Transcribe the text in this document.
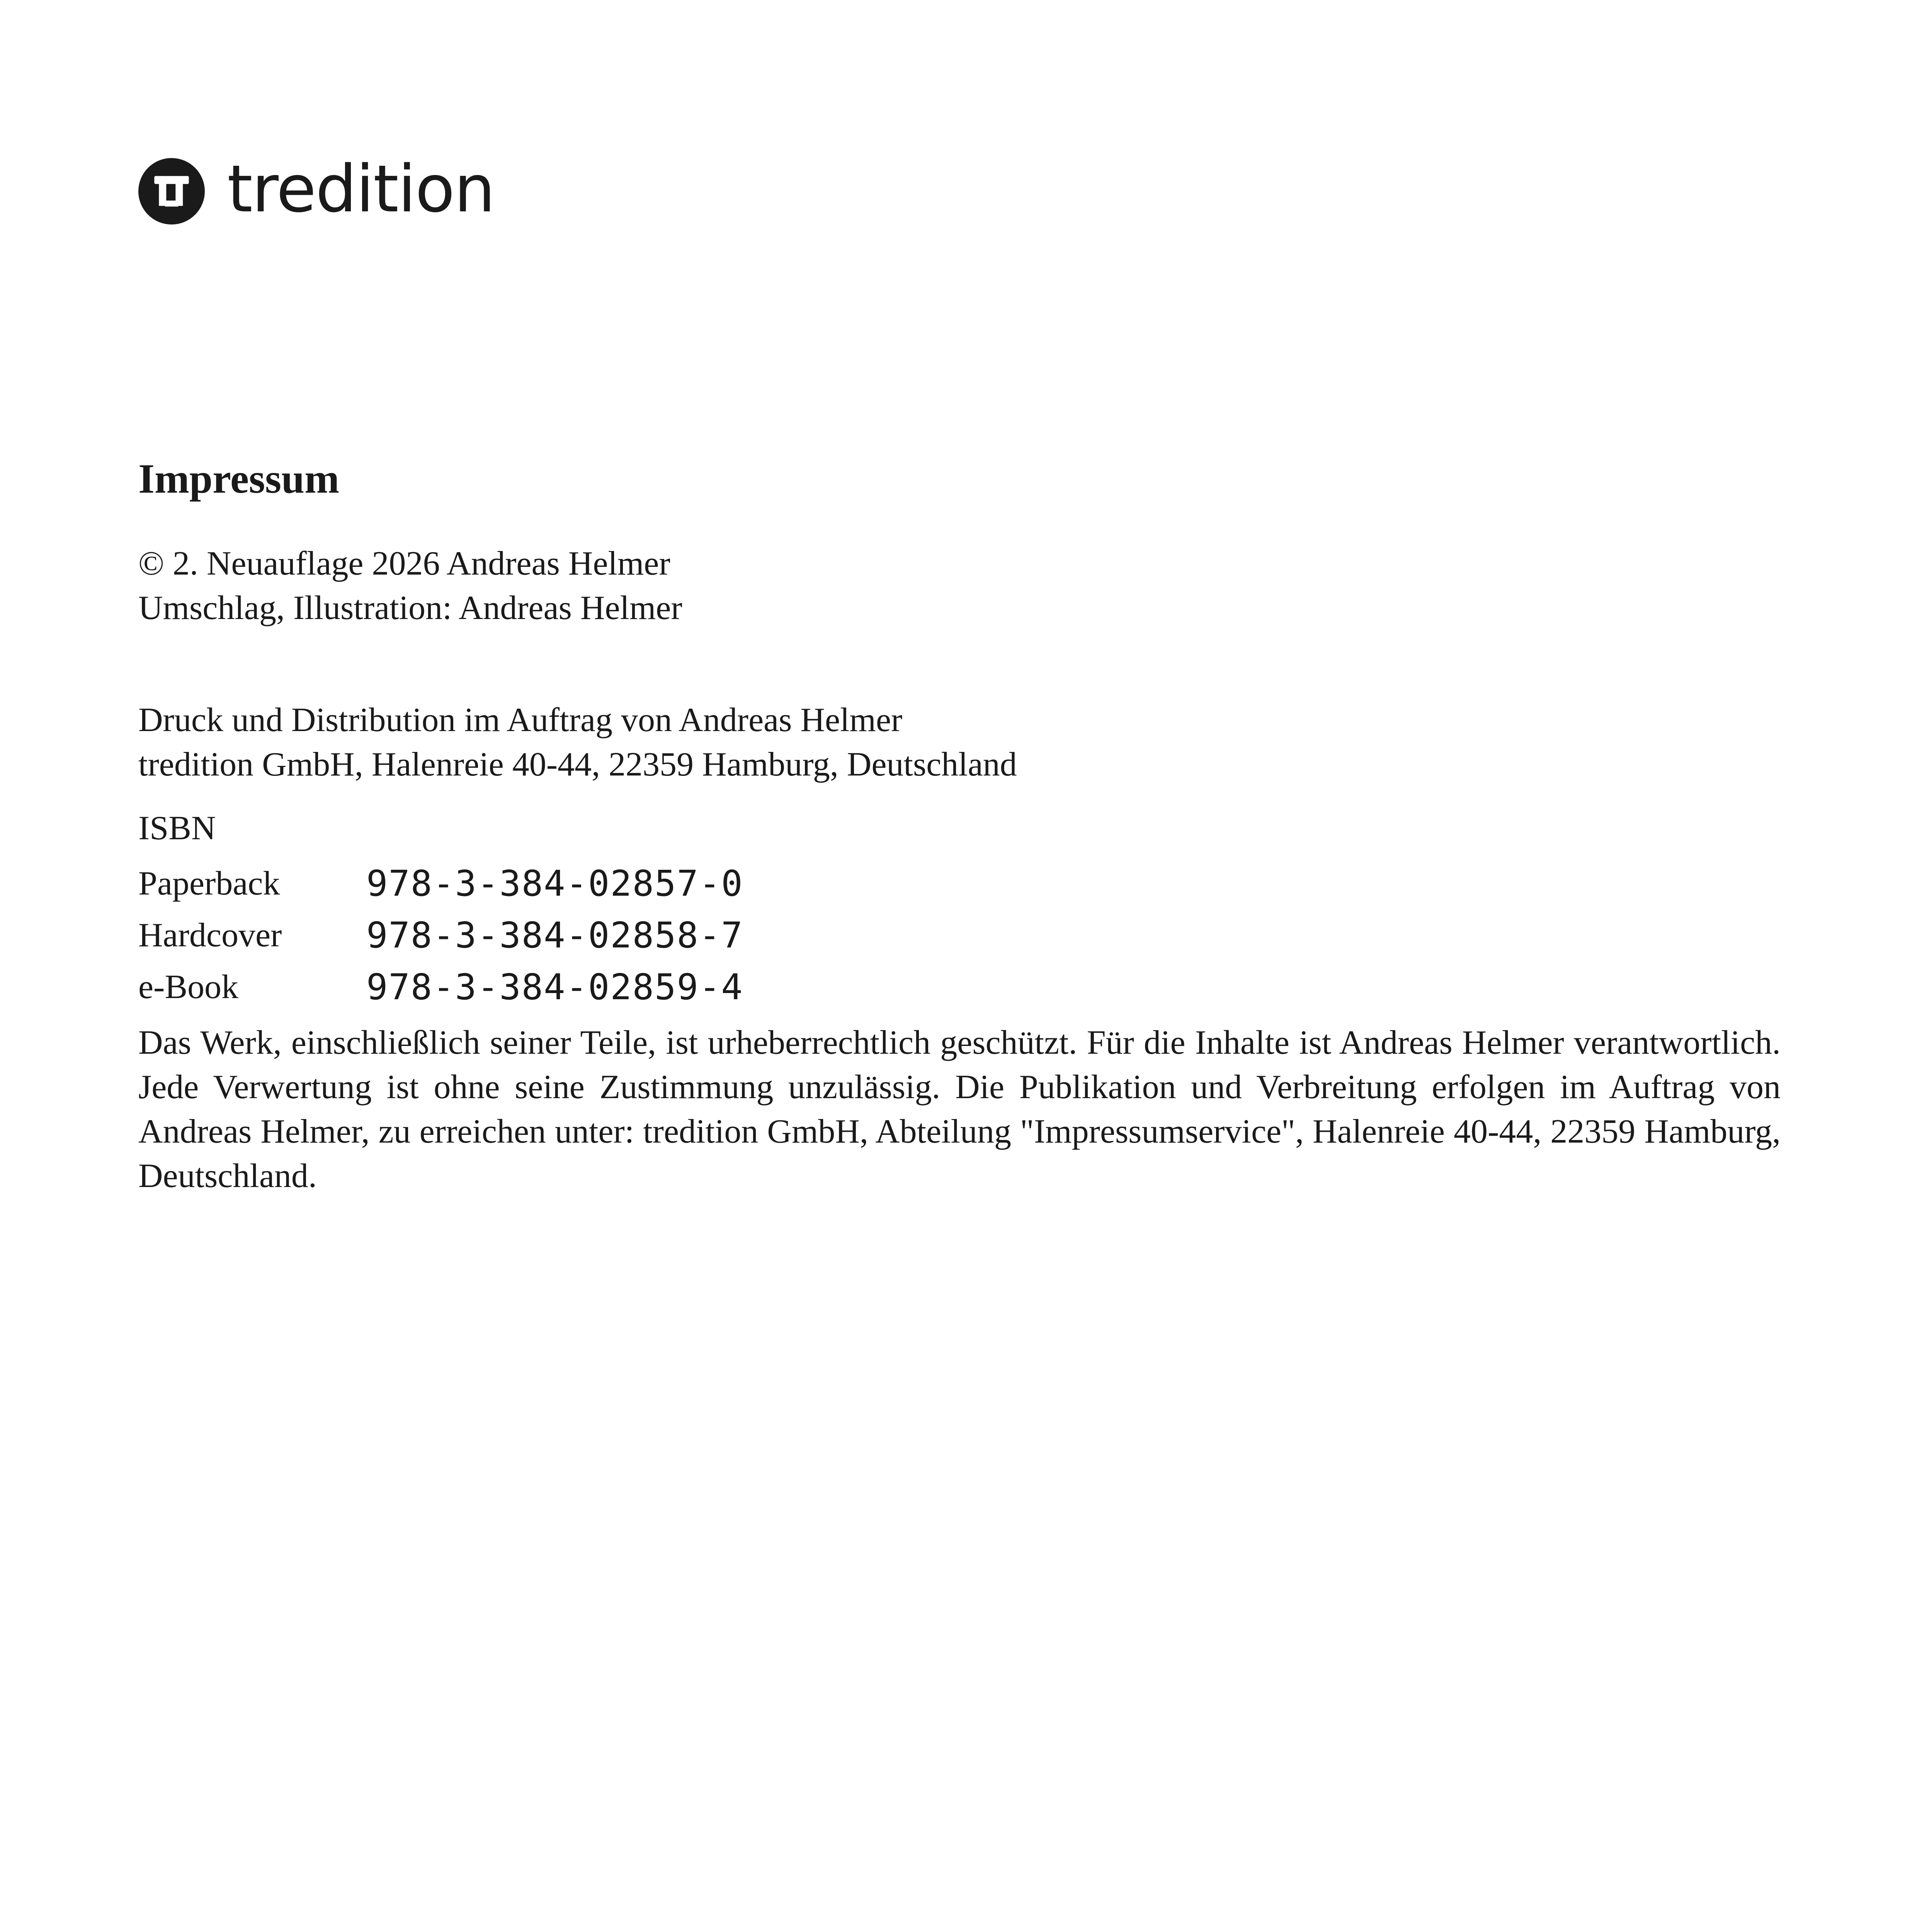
tredition
Impressum
© 2. Neuauflage 2026 Andreas Helmer
Umschlag, Illustration: Andreas Helmer
Druck und Distribution im Auftrag von Andreas Helmer
tredition GmbH, Halenreie 40-44, 22359 Hamburg, Deutschland
ISBN
Paperback	978-3-384-02857-0
Hardcover	978-3-384-02858-7
e-Book	978-3-384-02859-4

Das Werk, einschließlich seiner Teile, ist urheberrechtlich geschützt. Für die Inhalte ist Andreas Helmer verantwortlich. Jede Verwertung ist ohne seine Zustimmung unzulässig. Die Publikation und Verbreitung erfolgen im Auftrag von Andreas Helmer, zu erreichen unter: tredition GmbH, Abteilung "Impressumservice", Halenreie 40-44, 22359 Hamburg, Deutschland.
